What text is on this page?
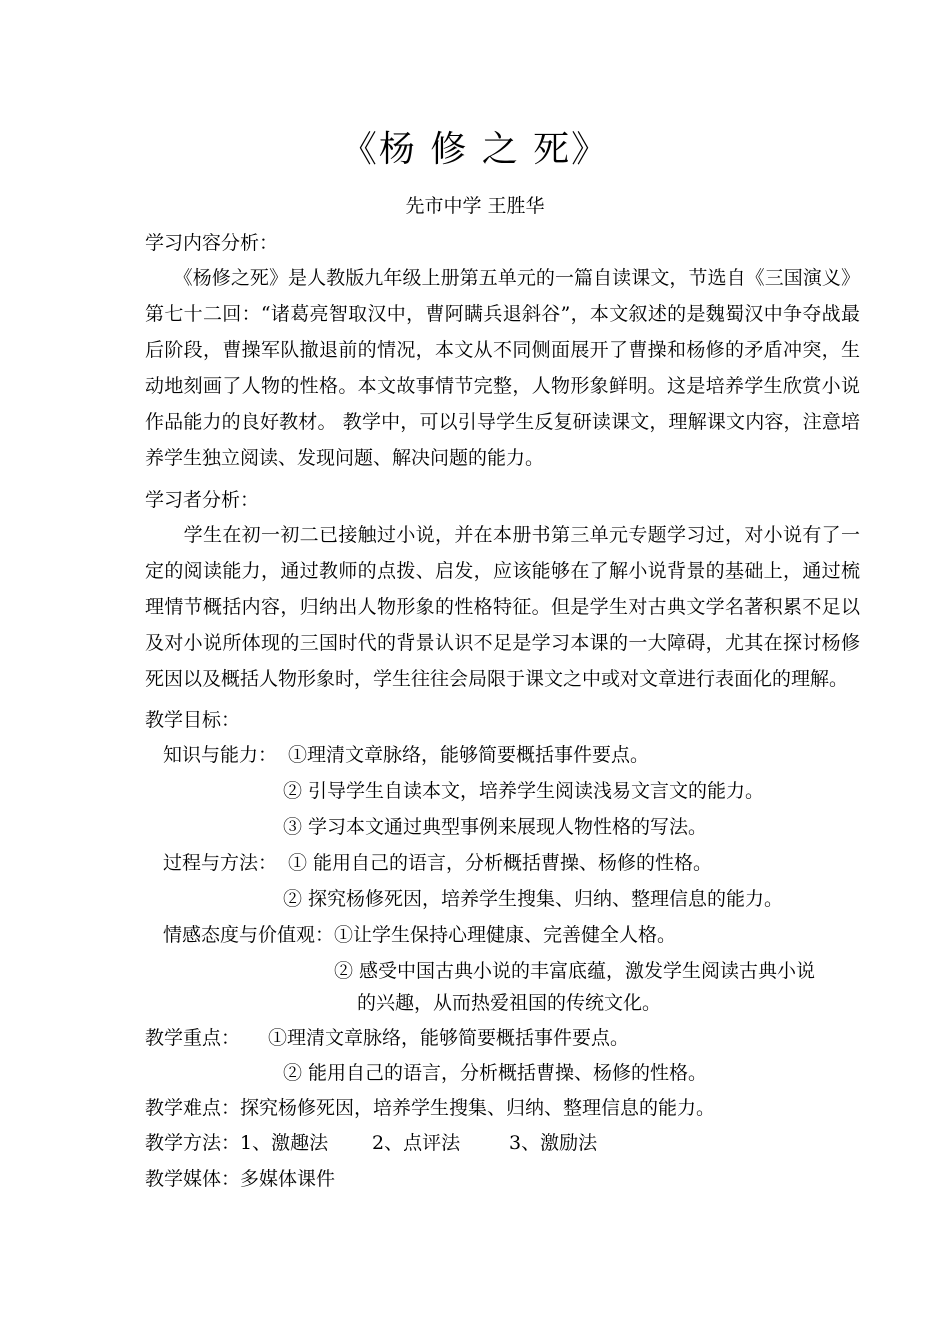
《杨 修 之 死》
先市中学 王胜华
学习内容分析：
　　《杨修之死》是人教版九年级上册第五单元的一篇自读课文，节选自《三国演义》第七十二回：“诸葛亮智取汉中，曹阿瞒兵退斜谷”，本文叙述的是魏蜀汉中争夺战最后阶段，曹操军队撤退前的情况，本文从不同侧面展开了曹操和杨修的矛盾冲突，生动地刻画了人物的性格。本文故事情节完整，人物形象鲜明。这是培养学生欣赏小说作品能力的良好教材。 教学中，可以引导学生反复研读课文，理解课文内容，注意培养学生独立阅读、发现问题、解决问题的能力。
学习者分析：
　　学生在初一初二已接触过小说，并在本册书第三单元专题学习过，对小说有了一定的阅读能力，通过教师的点拨、启发，应该能够在了解小说背景的基础上，通过梳理情节概括内容，归纳出人物形象的性格特征。但是学生对古典文学名著积累不足以及对小说所体现的三国时代的背景认识不足是学习本课的一大障碍，尤其在探讨杨修死因以及概括人物形象时，学生往往会局限于课文之中或对文章进行表面化的理解。
教学目标：
知识与能力： ①理清文章脉络，能够简要概括事件要点。
② 引导学生自读本文，培养学生阅读浅易文言文的能力。
③ 学习本文通过典型事例来展现人物性格的写法。
过程与方法： ① 能用自己的语言，分析概括曹操、杨修的性格。
② 探究杨修死因，培养学生搜集、归纳、整理信息的能力。
情感态度与价值观： ①让学生保持心理健康、完善健全人格。
② 感受中国古典小说的丰富底蕴，激发学生阅读古典小说
的兴趣，从而热爱祖国的传统文化。
教学重点： ①理清文章脉络，能够简要概括事件要点。
② 能用自己的语言，分析概括曹操、杨修的性格。
教学难点：探究杨修死因，培养学生搜集、归纳、整理信息的能力。
教学方法： 1、激趣法 2、点评法	3、激励法
教学媒体：多媒体课件
